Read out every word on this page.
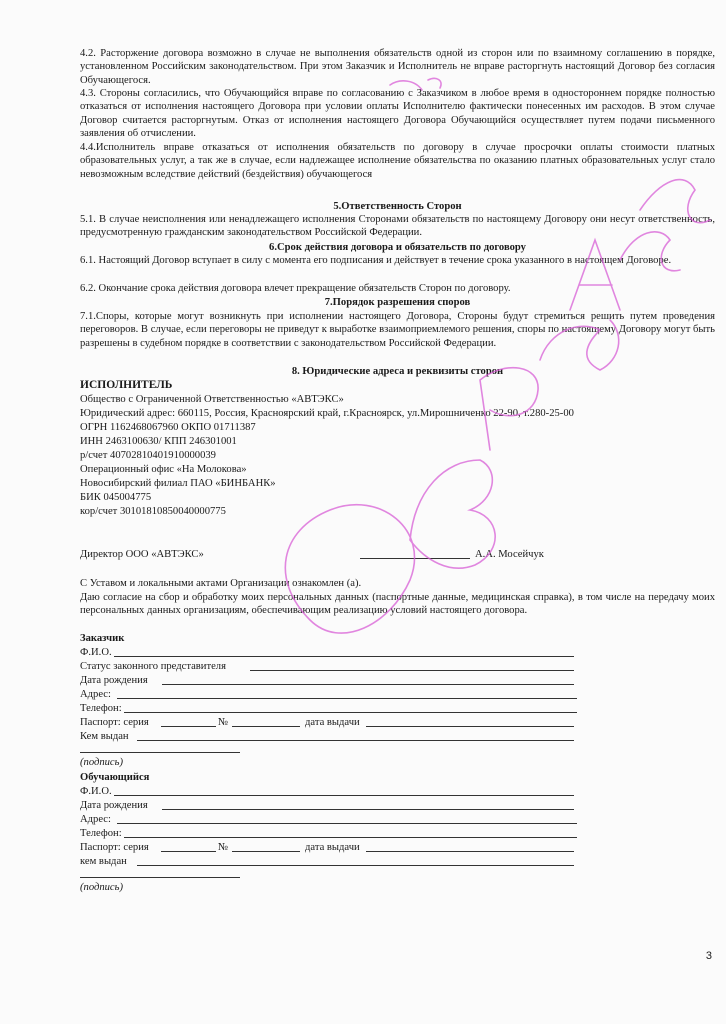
4.2. Расторжение договора возможно в случае не выполнения обязательств одной из сторон или по взаимному соглашению в порядке, установленном Российским законодательством. При этом Заказчик и Исполнитель не вправе расторгнуть настоящий Договор без согласия Обучающегося.

4.3. Стороны согласились, что Обучающийся вправе по согласованию с Заказчиком в любое время в одностороннем порядке полностью отказаться от исполнения настоящего Договора при условии оплаты Исполнителю фактически понесенных им расходов. В этом случае Договор считается расторгнутым. Отказ от исполнения настоящего Договора Обучающийся осуществляет путем подачи письменного заявления об отчислении.

4.4.Исполнитель вправе отказаться от исполнения обязательств по договору в случае просрочки оплаты стоимости платных образовательных услуг, а так же в случае, если надлежащее исполнение обязательства по оказанию платных образовательных услуг стало невозможным вследствие действий (бездействия) обучающегося

5.Ответственность Сторон

5.1. В случае неисполнения или ненадлежащего исполнения Сторонами обязательств по настоящему Договору они несут ответственность, предусмотренную гражданским законодательством Российской Федерации.

6.Срок действия договора и обязательств по договору

6.1. Настоящий Договор вступает в силу с момента его подписания и действует в течение срока указанного в настоящем Договоре.

6.2. Окончание срока действия договора влечет прекращение обязательств Сторон по договору.

7.Порядок разрешения споров

7.1.Споры, которые могут возникнуть при исполнении настоящего Договора, Стороны будут стремиться решить путем проведения переговоров. В случае, если переговоры не приведут к выработке взаимоприемлемого решения, споры по настоящему Договору могут быть разрешены в судебном порядке в соответствии с законодательством Российской Федерации.

8. Юридические адреса и реквизиты сторон
ИСПОЛНИТЕЛЬ
Общество с Ограниченной Ответственностью «АВТЭКС»
Юридический адрес: 660115, Россия, Красноярский край, г.Красноярск, ул.Мирошниченко 22-90, т.280-25-00
ОГРН 1162468067960 ОКПО 01711387
ИНН 2463100630/ КПП 246301001
р/счет 40702810401910000039
Операционный офис «На Молокова»
Новосибирский филиал ПАО «БИНБАНК»
БИК 045004775
кор/счет 30101810850040000775
Директор ООО «АВТЭКС»	А.А. Мосейчук
С Уставом и локальными актами Организации ознакомлен (а).

Даю согласие на сбор и обработку моих персональных данных (паспортные данные, медицинская справка), в том числе на передачу моих персональных данных организациям, обеспечивающим реализацию условий настоящего договора.

Заказчик
Ф.И.О.
Статус законного представителя
Дата рождения
Адрес:
Телефон:
Паспорт: серия	№	дата выдачи
Кем выдан
(подпись)
Обучающийся
Ф.И.О.
Дата рождения
Адрес:
Телефон:
Паспорт: серия	№	дата выдачи
кем выдан
(подпись)
3
